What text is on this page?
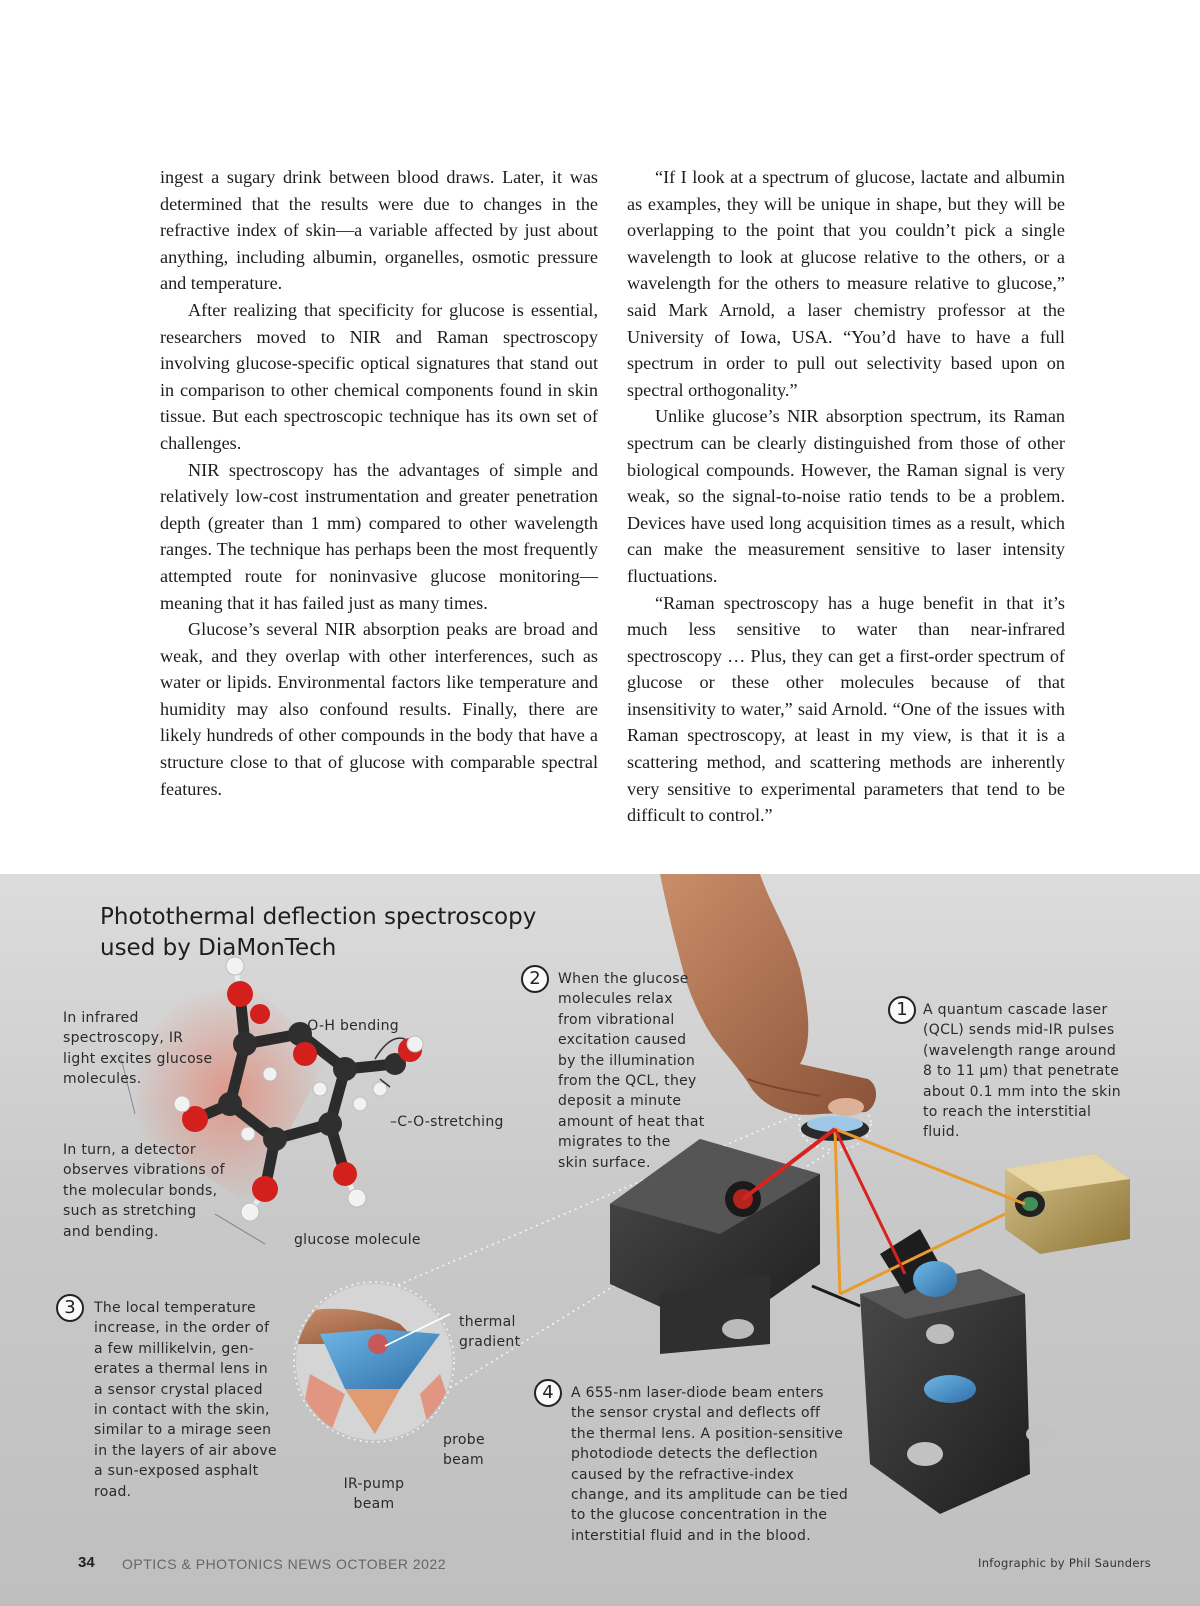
ingest a sugary drink between blood draws. Later, it was determined that the results were due to changes in the refractive index of skin—a variable affected by just about anything, including albumin, organelles, osmotic pressure and temperature.

After realizing that specificity for glucose is essential, researchers moved to NIR and Raman spectroscopy involving glucose-specific optical signatures that stand out in comparison to other chemical components found in skin tissue. But each spectroscopic technique has its own set of challenges.

NIR spectroscopy has the advantages of simple and relatively low-cost instrumentation and greater penetration depth (greater than 1 mm) compared to other wavelength ranges. The technique has perhaps been the most frequently attempted route for noninvasive glucose monitoring—meaning that it has failed just as many times.

Glucose’s several NIR absorption peaks are broad and weak, and they overlap with other interferences, such as water or lipids. Environmental factors like temperature and humidity may also confound results. Finally, there are likely hundreds of other compounds in the body that have a structure close to that of glucose with comparable spectral features.

“If I look at a spectrum of glucose, lactate and albumin as examples, they will be unique in shape, but they will be overlapping to the point that you couldn’t pick a single wavelength to look at glucose relative to the others, or a wavelength for the others to measure relative to glucose,” said Mark Arnold, a laser chemistry professor at the University of Iowa, USA. “You’d have to have a full spectrum in order to pull out selectivity based upon on spectral orthogonality.”

Unlike glucose’s NIR absorption spectrum, its Raman spectrum can be clearly distinguished from those of other biological compounds. However, the Raman signal is very weak, so the signal-to-noise ratio tends to be a problem. Devices have used long acquisition times as a result, which can make the measurement sensitive to laser intensity fluctuations.

“Raman spectroscopy has a huge benefit in that it’s much less sensitive to water than near-infrared spectroscopy … Plus, they can get a first-order spectrum of glucose or these other molecules because of that insensitivity to water,” said Arnold. “One of the issues with Raman spectroscopy, at least in my view, is that it is a scattering method, and scattering methods are inherently very sensitive to experimental parameters that tend to be difficult to control.”

Photothermal deflection spectroscopy
used by DiaMonTech
In infrared
spectroscopy, IR
light excites glucose
molecules.
In turn, a detector
observes vibrations of
the molecular bonds,
such as stretching
and bending.
–O-H bending
–C-O-stretching
glucose molecule
1	A quantum cascade laser
(QCL) sends mid-IR pulses
(wavelength range around
8 to 11 µm) that penetrate
about 0.1 mm into the skin
to reach the interstitial
fluid.
2	When the glucose
molecules relax
from vibrational
excitation caused
by the illumination
from the QCL, they
deposit a minute
amount of heat that
migrates to the
skin surface.
3	The local temperature
increase, in the order of
a few millikelvin, gen-
erates a thermal lens in
a sensor crystal placed
in contact with the skin,
similar to a mirage seen
in the layers of air above
a sun-exposed asphalt
road.
thermal
gradient
probe
beam
IR-pump
beam
4	A 655-nm laser-diode beam enters
the sensor crystal and deflects off
the thermal lens. A position-sensitive
photodiode detects the deflection
caused by the refractive-index
change, and its amplitude can be tied
to the glucose concentration in the
interstitial fluid and in the blood.
34 OPTICS & PHOTONICS NEWS OCTOBER 2022	Infographic by Phil Saunders
